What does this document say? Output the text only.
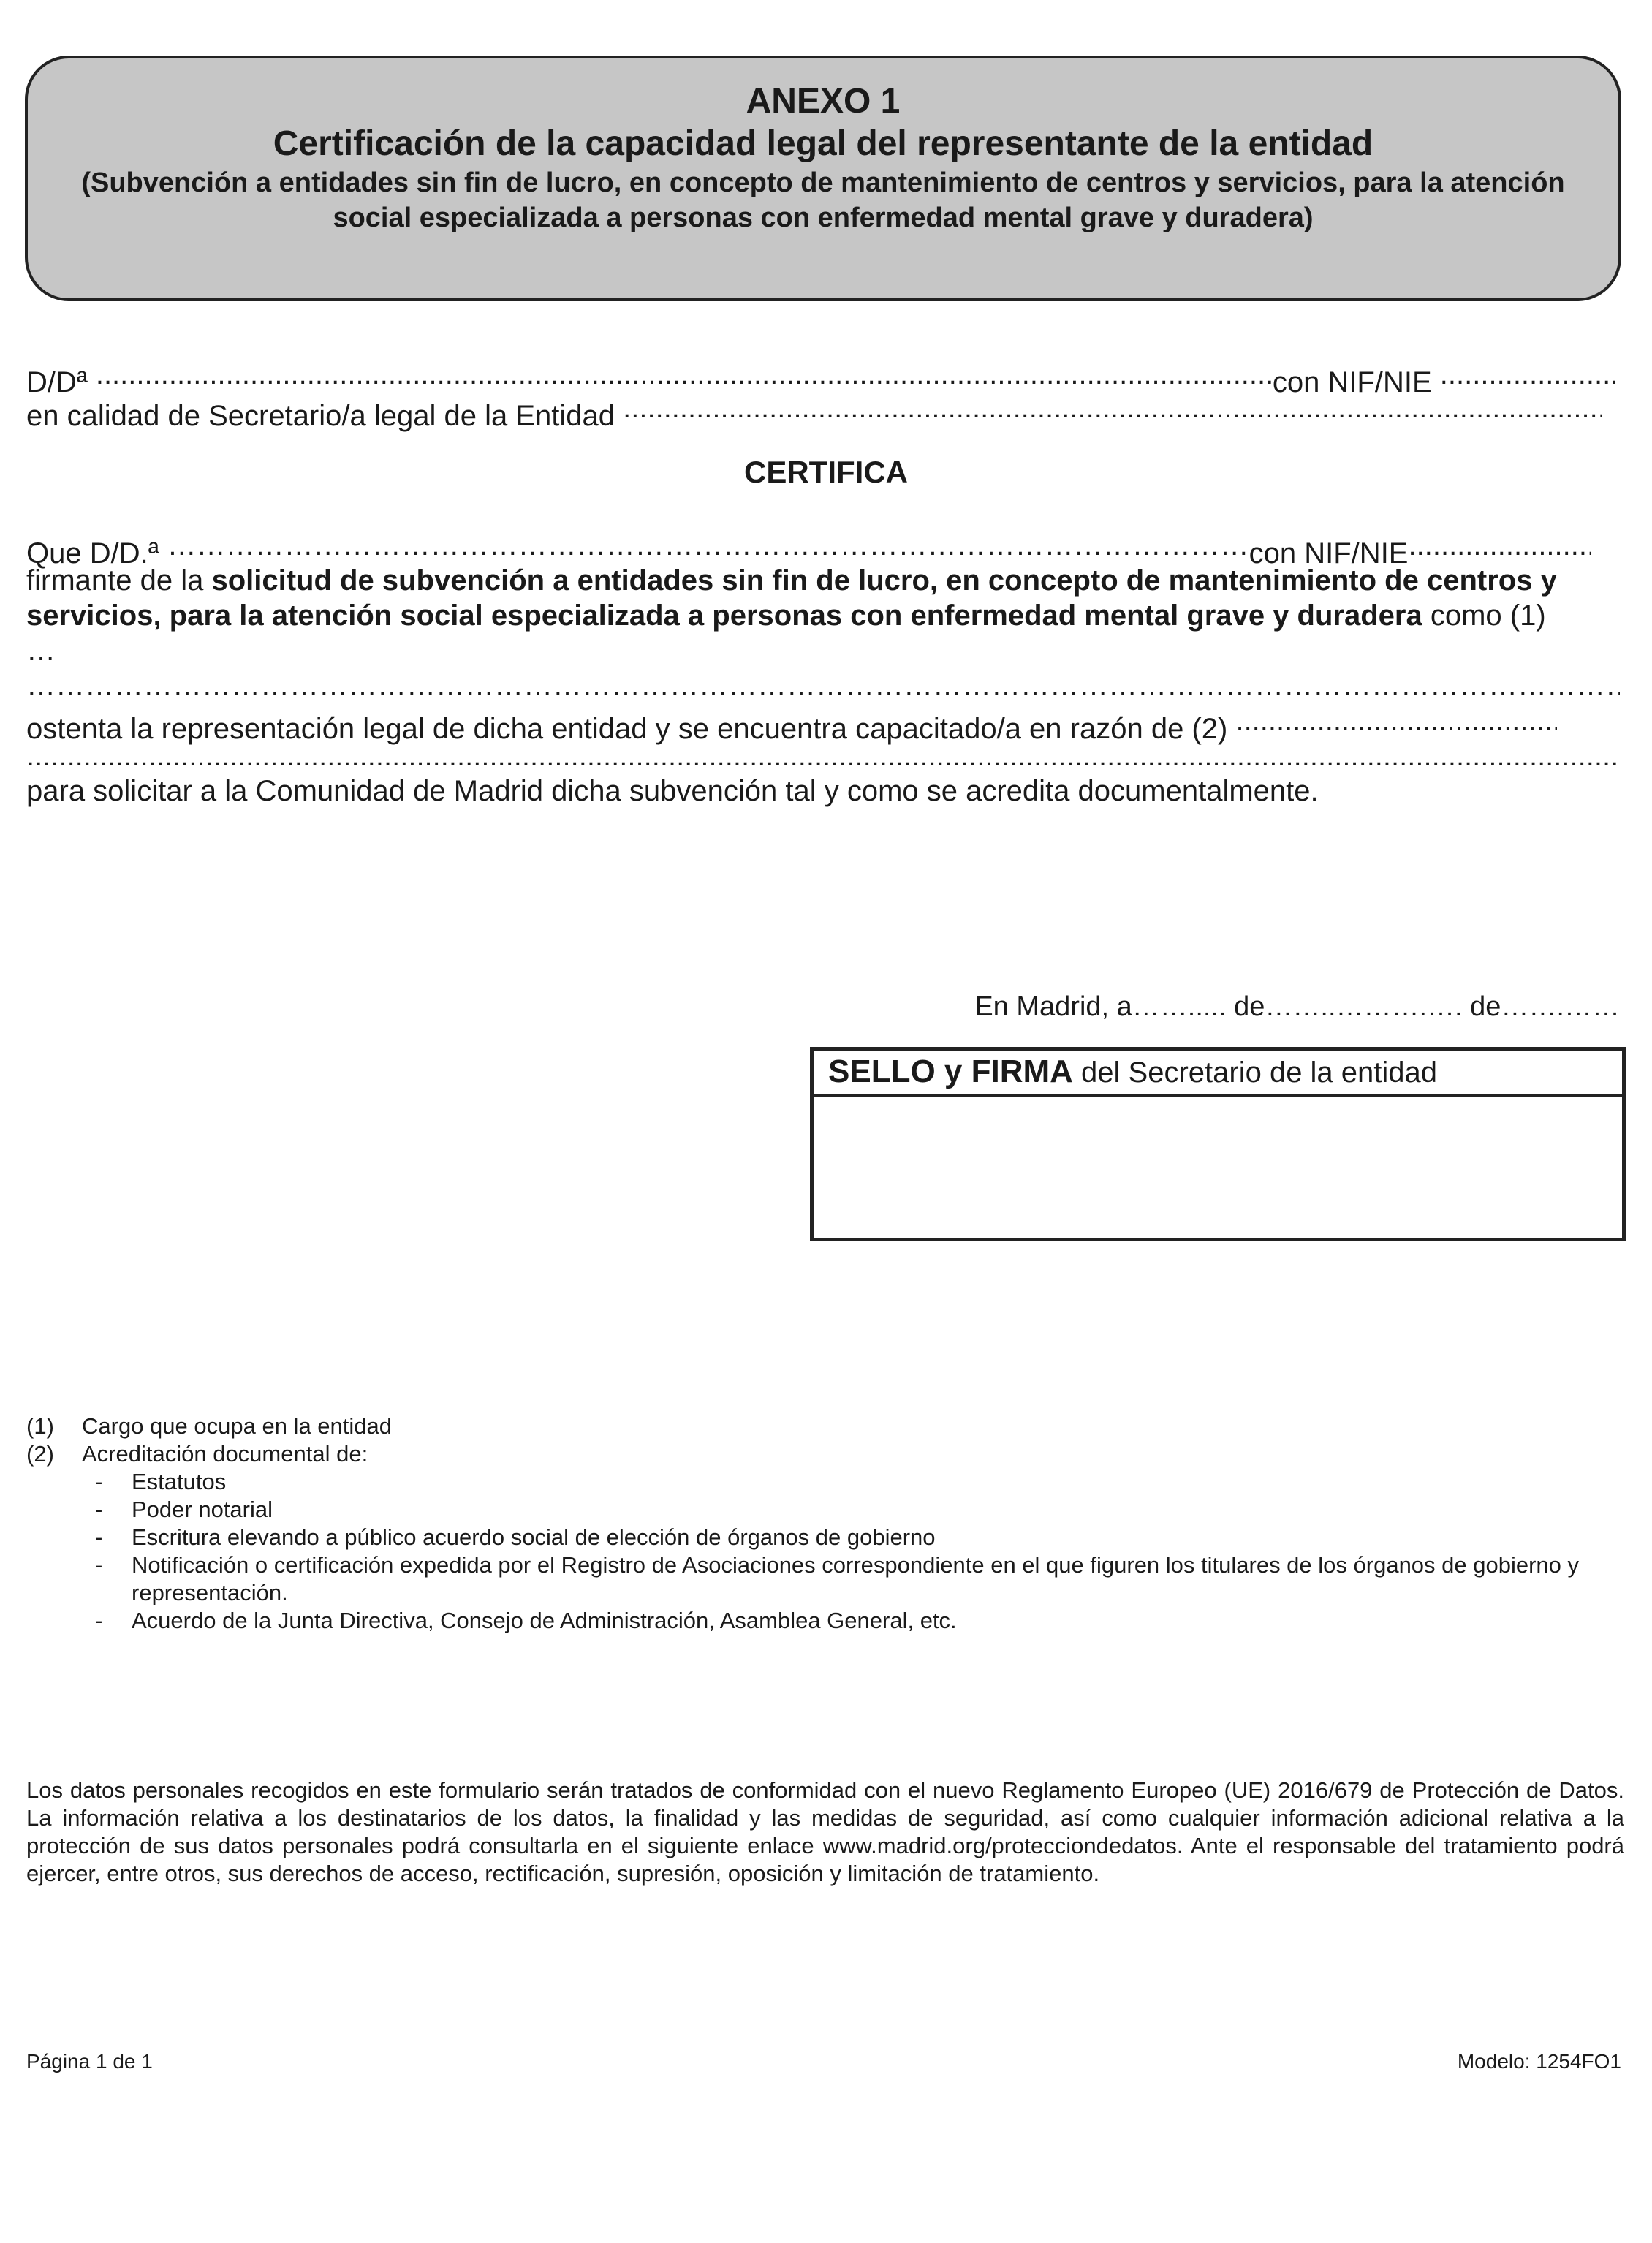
ANEXO 1
Certificación de la capacidad legal del representante de la entidad
(Subvención a entidades sin fin de lucro, en concepto de mantenimiento de centros y servicios, para la atención social especializada a personas con enfermedad mental grave y duradera)
D/Dª .....	con NIF/NIE .....
en calidad de Secretario/a legal de la Entidad .....
CERTIFICA
Que D/D.ª …………………………………………………………………………………………………………………………………………………………………………………………………………	con NIF/NIE.....
firmante de la solicitud de subvención a entidades sin fin de lucro, en concepto de mantenimiento de centros y servicios, para la atención social especializada a personas con enfermedad mental grave y duradera como (1)
…
…………………………………………………………………………………………………………………………………………………………………………………………………………
ostenta la representación legal de dicha entidad y se encuentra capacitado/a en razón de (2) .....
.....
para solicitar a la Comunidad de Madrid dicha subvención tal y como se acredita documentalmente.
En Madrid, a……..... de……..……….…. de…….……
SELLO y FIRMA del Secretario de la entidad
(1)	Cargo que ocupa en la entidad
(2)	Acreditación documental de:
-	Estatutos
-	Poder notarial
-	Escritura elevando a público acuerdo social de elección de órganos de gobierno
-	Notificación o certificación expedida por el Registro de Asociaciones correspondiente en el que figuren los titulares de los órganos de gobierno y representación.
-	Acuerdo de la Junta Directiva, Consejo de Administración, Asamblea General, etc.
Los datos personales recogidos en este formulario serán tratados de conformidad con el nuevo Reglamento Europeo (UE) 2016/679 de Protección de Datos. La información relativa a los destinatarios de los datos, la finalidad y las medidas de seguridad, así como cualquier información adicional relativa a la protección de sus datos personales podrá consultarla en el siguiente enlace www.madrid.org/protecciondedatos. Ante el responsable del tratamiento podrá ejercer, entre otros, sus derechos de acceso, rectificación, supresión, oposición y limitación de tratamiento.
Página 1 de 1	Modelo: 1254FO1
